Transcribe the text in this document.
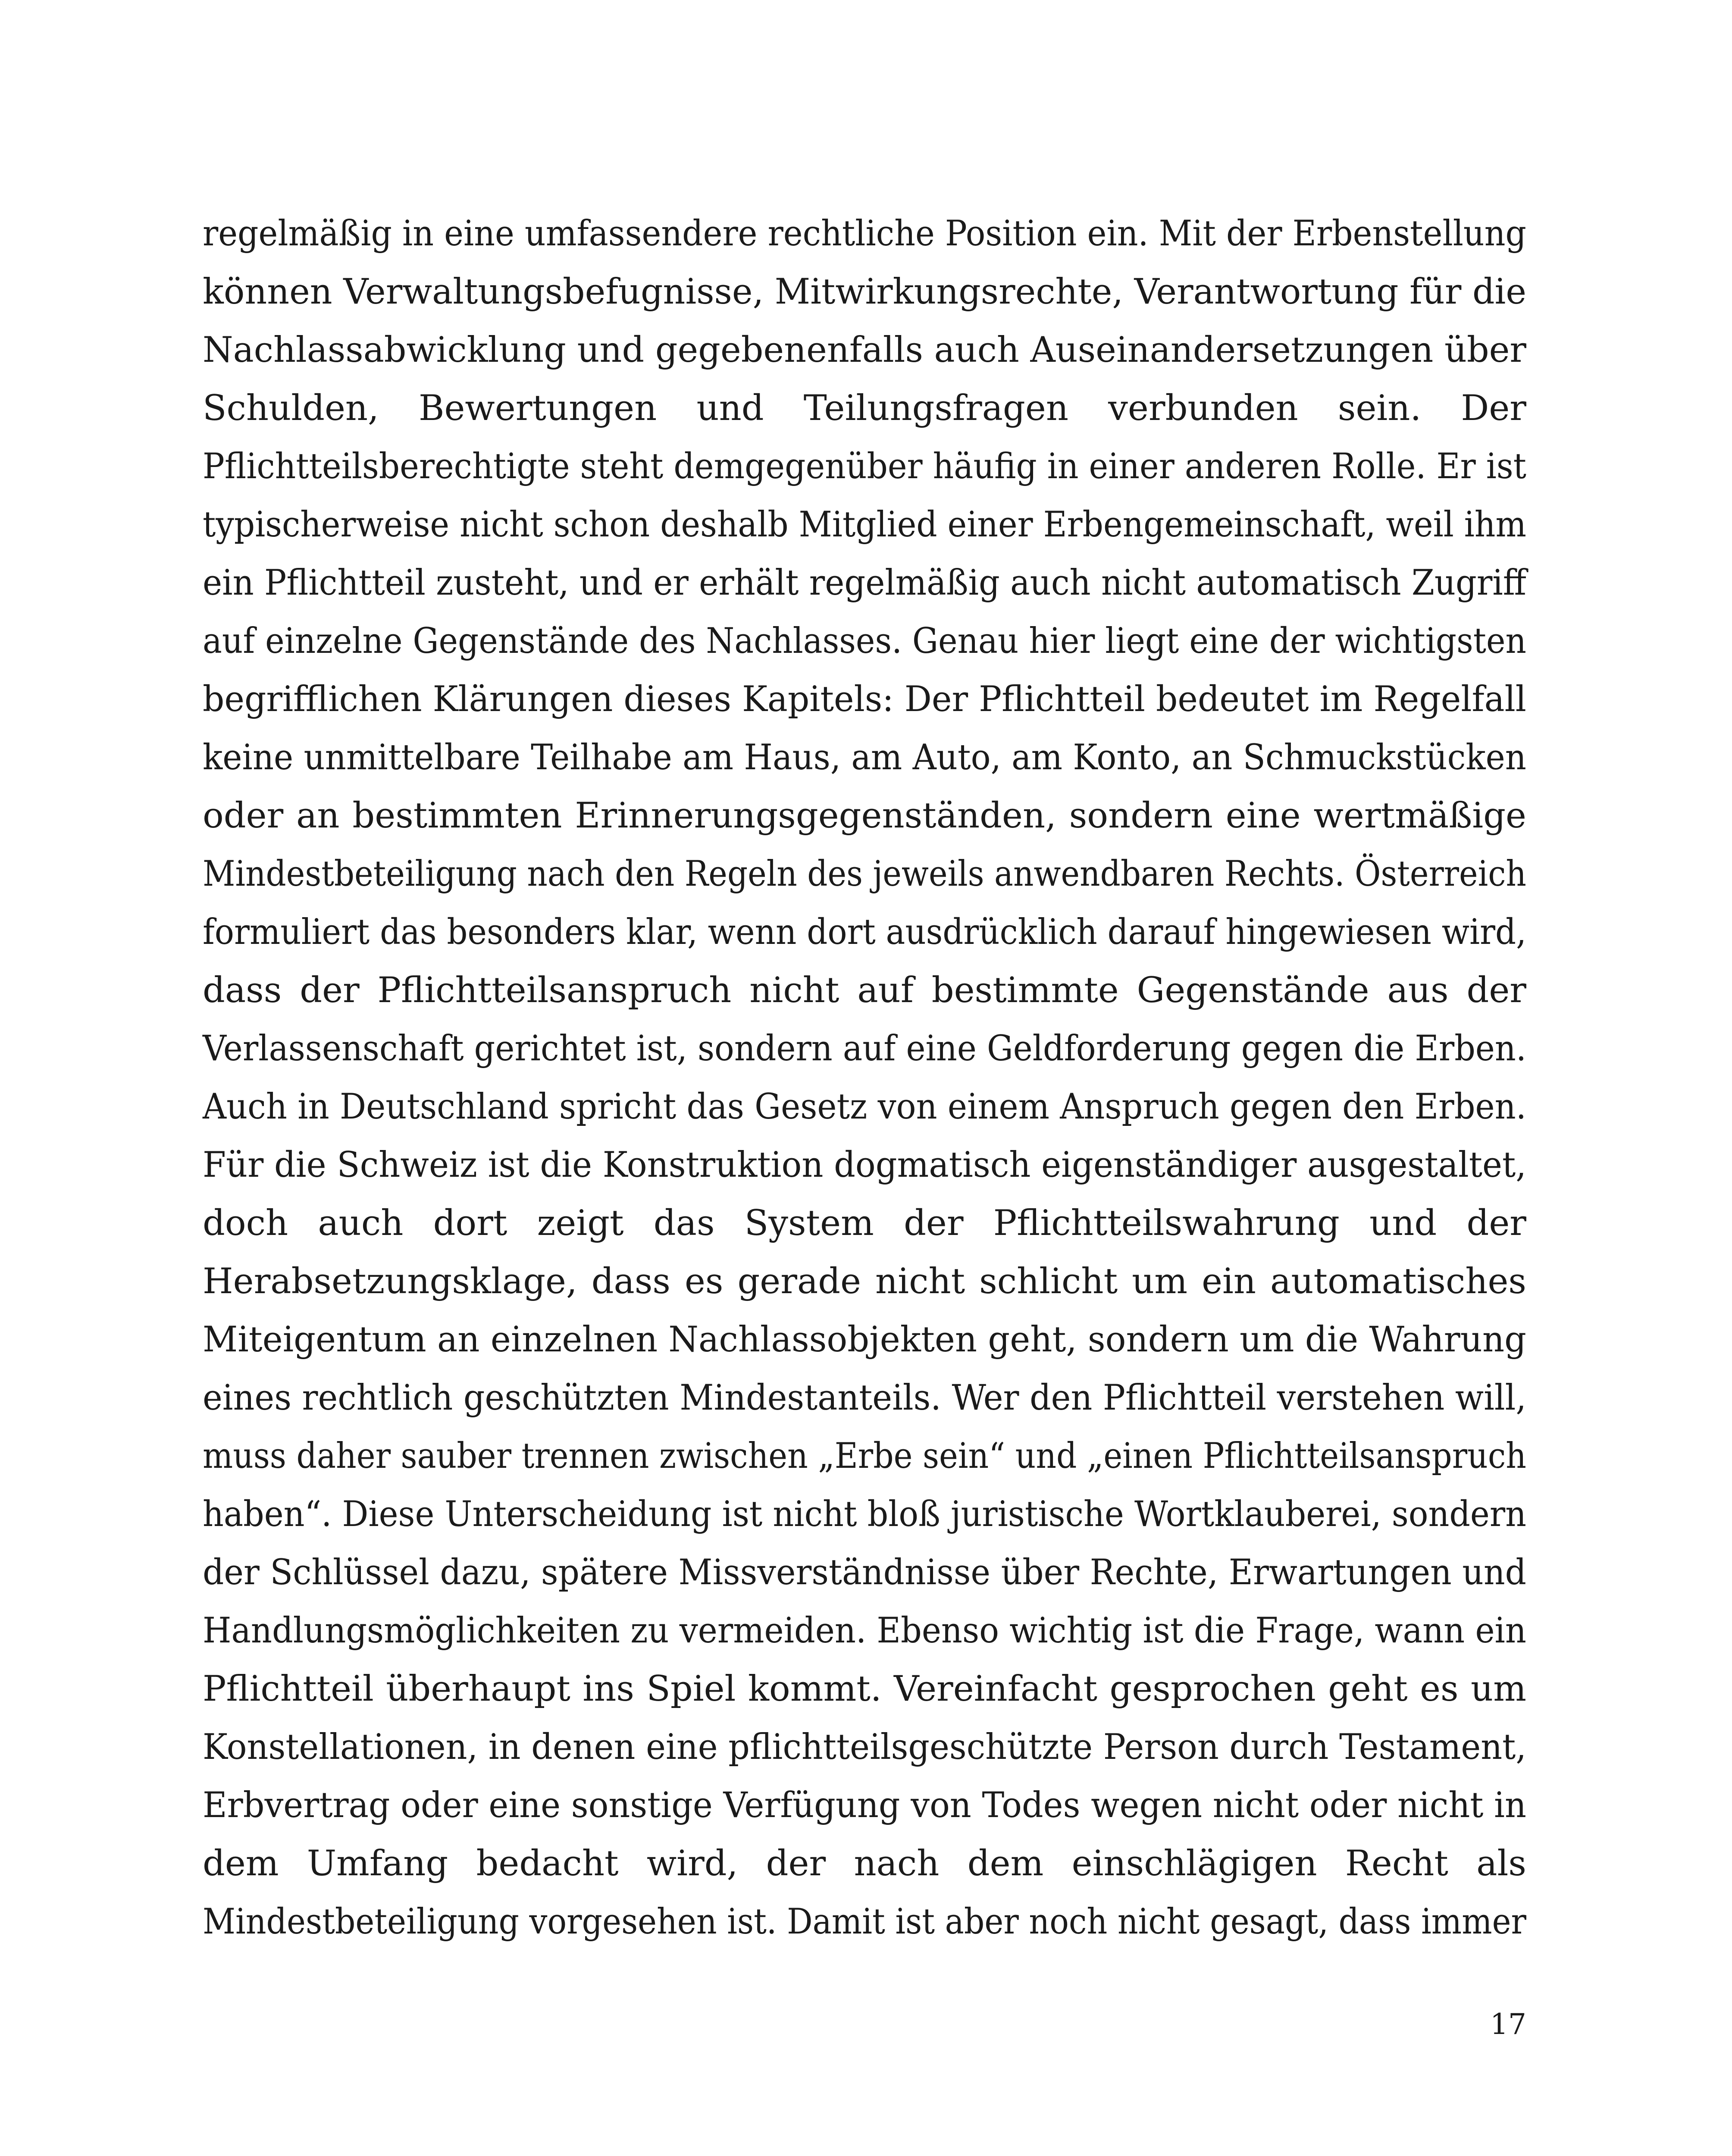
regelmäßig in eine umfassendere rechtliche Position ein. Mit der Erbenstellungkönnen Verwaltungsbefugnisse, Mitwirkungsrechte, Verantwortung für dieNachlassabwicklung und gegebenenfalls auch Auseinandersetzungen über
Schulden, Bewertungen und Teilungsfragen verbunden sein. Der
Pflichtteilsberechtigte steht demgegenüber häufig in einer anderen Rolle. Er isttypischerweise nicht schon deshalb Mitglied einer Erbengemeinschaft, weil ihmein Pflichtteil zusteht, und er erhält regelmäßig auch nicht automatisch Zugriffauf einzelne Gegenstände des Nachlasses. Genau hier liegt eine der wichtigstenbegrifflichen Klärungen dieses Kapitels: Der Pflichtteil bedeutet im Regelfallkeine unmittelbare Teilhabe am Haus, am Auto, am Konto, an Schmuckstücken
oder an bestimmten Erinnerungsgegenständen, sondern eine wertmäßige
Mindestbeteiligung nach den Regeln des jeweils anwendbaren Rechts. Österreichformuliert das besonders klar, wenn dort ausdrücklich darauf hingewiesen wird,
dass der Pflichtteilsanspruch nicht auf bestimmte Gegenstände aus der
Verlassenschaft gerichtet ist, sondern auf eine Geldforderung gegen die Erben.Auch in Deutschland spricht das Gesetz von einem Anspruch gegen den Erben.Für die Schweiz ist die Konstruktion dogmatisch eigenständiger ausgestaltet,
doch auch dort zeigt das System der Pflichtteilswahrung und der
Herabsetzungsklage, dass es gerade nicht schlicht um ein automatisches
Miteigentum an einzelnen Nachlassobjekten geht, sondern um die Wahrungeines rechtlich geschützten Mindestanteils. Wer den Pflichtteil verstehen will,muss daher sauber trennen zwischen „Erbe sein“ und „einen Pflichtteilsanspruchhaben“. Diese Unterscheidung ist nicht bloß juristische Wortklauberei, sondernder Schlüssel dazu, spätere Missverständnisse über Rechte, Erwartungen undHandlungsmöglichkeiten zu vermeiden. Ebenso wichtig ist die Frage, wann ein
Pflichtteil überhaupt ins Spiel kommt. Vereinfacht gesprochen geht es um
Konstellationen, in denen eine pflichtteilsgeschützte Person durch Testament,Erbvertrag oder eine sonstige Verfügung von Todes wegen nicht oder nicht in
dem Umfang bedacht wird, der nach dem einschlägigen Recht als
Mindestbeteiligung vorgesehen ist. Damit ist aber noch nicht gesagt, dass immer
17
